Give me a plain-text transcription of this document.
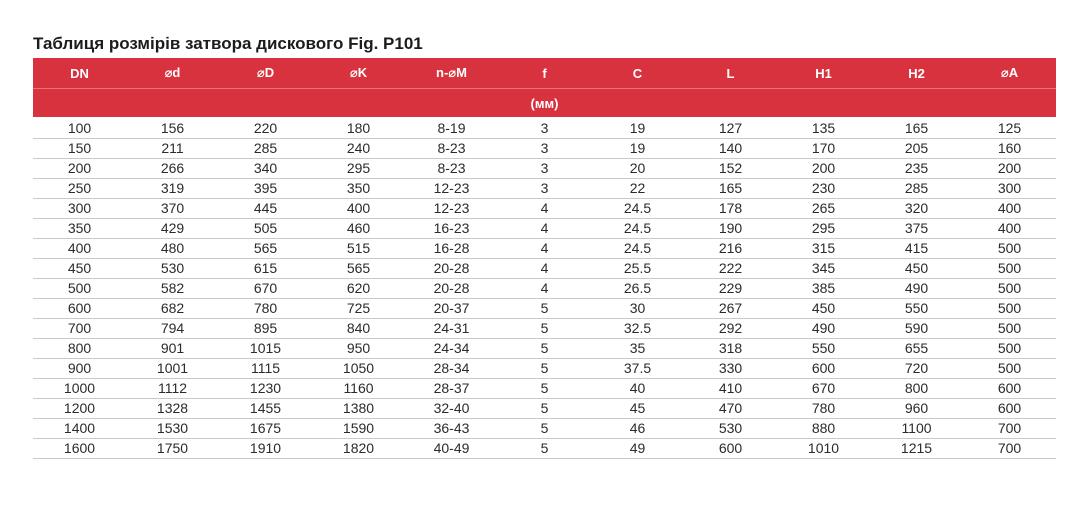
Таблиця розмірів затвора дискового Fig. P101
DN	⌀d	⌀D	⌀K	n-⌀M	f	C	L	H1	H2	⌀A
(мм)										
100	156	220	180	8-19	3	19	127	135	165	125
150	211	285	240	8-23	3	19	140	170	205	160
200	266	340	295	8-23	3	20	152	200	235	200
250	319	395	350	12-23	3	22	165	230	285	300
300	370	445	400	12-23	4	24.5	178	265	320	400
350	429	505	460	16-23	4	24.5	190	295	375	400
400	480	565	515	16-28	4	24.5	216	315	415	500
450	530	615	565	20-28	4	25.5	222	345	450	500
500	582	670	620	20-28	4	26.5	229	385	490	500
600	682	780	725	20-37	5	30	267	450	550	500
700	794	895	840	24-31	5	32.5	292	490	590	500
800	901	1015	950	24-34	5	35	318	550	655	500
900	1001	1115	1050	28-34	5	37.5	330	600	720	500
1000	1112	1230	1160	28-37	5	40	410	670	800	600
1200	1328	1455	1380	32-40	5	45	470	780	960	600
1400	1530	1675	1590	36-43	5	46	530	880	1100	700
1600	1750	1910	1820	40-49	5	49	600	1010	1215	700
